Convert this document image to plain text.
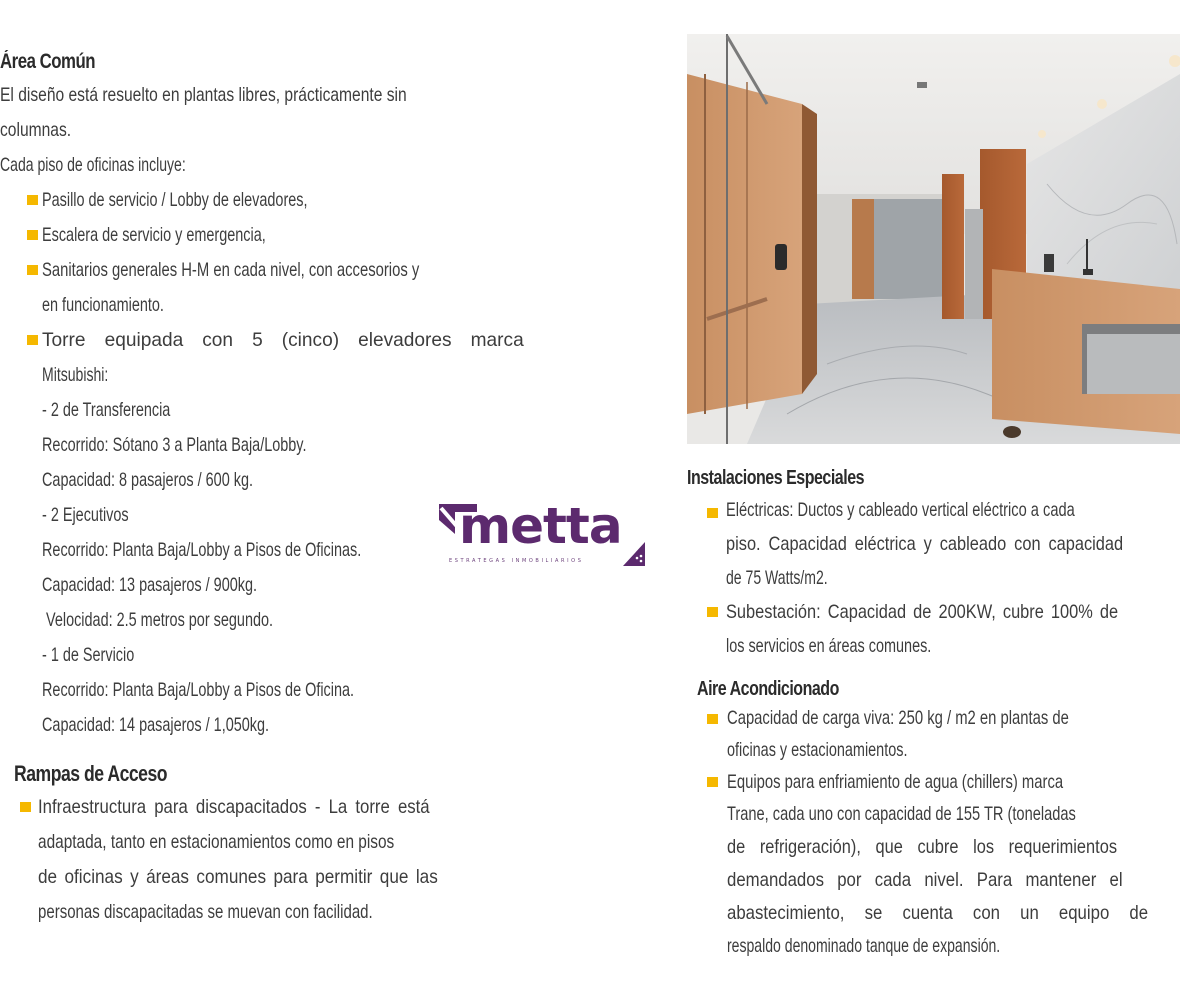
Área Común
El diseño está resuelto en plantas libres, prácticamente sin
columnas.
Cada piso de oficinas incluye:
Pasillo de servicio / Lobby de elevadores,
Escalera de servicio y emergencia,
Sanitarios generales H-M en cada nivel, con accesorios y
en funcionamiento.
Torre equipada con 5 (cinco) elevadores marca
Mitsubishi:
- 2 de Transferencia
Recorrido: Sótano 3 a Planta Baja/Lobby.
Capacidad: 8 pasajeros / 600 kg.
- 2 Ejecutivos
Recorrido: Planta Baja/Lobby a Pisos de Oficinas.
Capacidad: 13 pasajeros / 900kg.
Velocidad: 2.5 metros por segundo.
- 1 de Servicio
Recorrido: Planta Baja/Lobby a Pisos de Oficina.
Capacidad: 14 pasajeros / 1,050kg.
Rampas de Acceso
Infraestructura para discapacitados - La torre está
adaptada, tanto en estacionamientos como en pisos
de oficinas y áreas comunes para permitir que las
personas discapacitadas se muevan con facilidad.
metta
ESTRATEGAS INMOBILIARIOS
Instalaciones Especiales
Eléctricas: Ductos y cableado vertical eléctrico a cada
piso. Capacidad eléctrica y cableado con capacidad
de 75 Watts/m2.
Subestación: Capacidad de 200KW, cubre 100% de
los servicios en áreas comunes.
Aire Acondicionado
Capacidad de carga viva: 250 kg / m2 en plantas de
oficinas y estacionamientos.
Equipos para enfriamiento de agua (chillers) marca
Trane, cada uno con capacidad de 155 TR (toneladas
de refrigeración), que cubre los requerimientos
demandados por cada nivel. Para mantener el
abastecimiento, se cuenta con un equipo de
respaldo denominado tanque de expansión.
